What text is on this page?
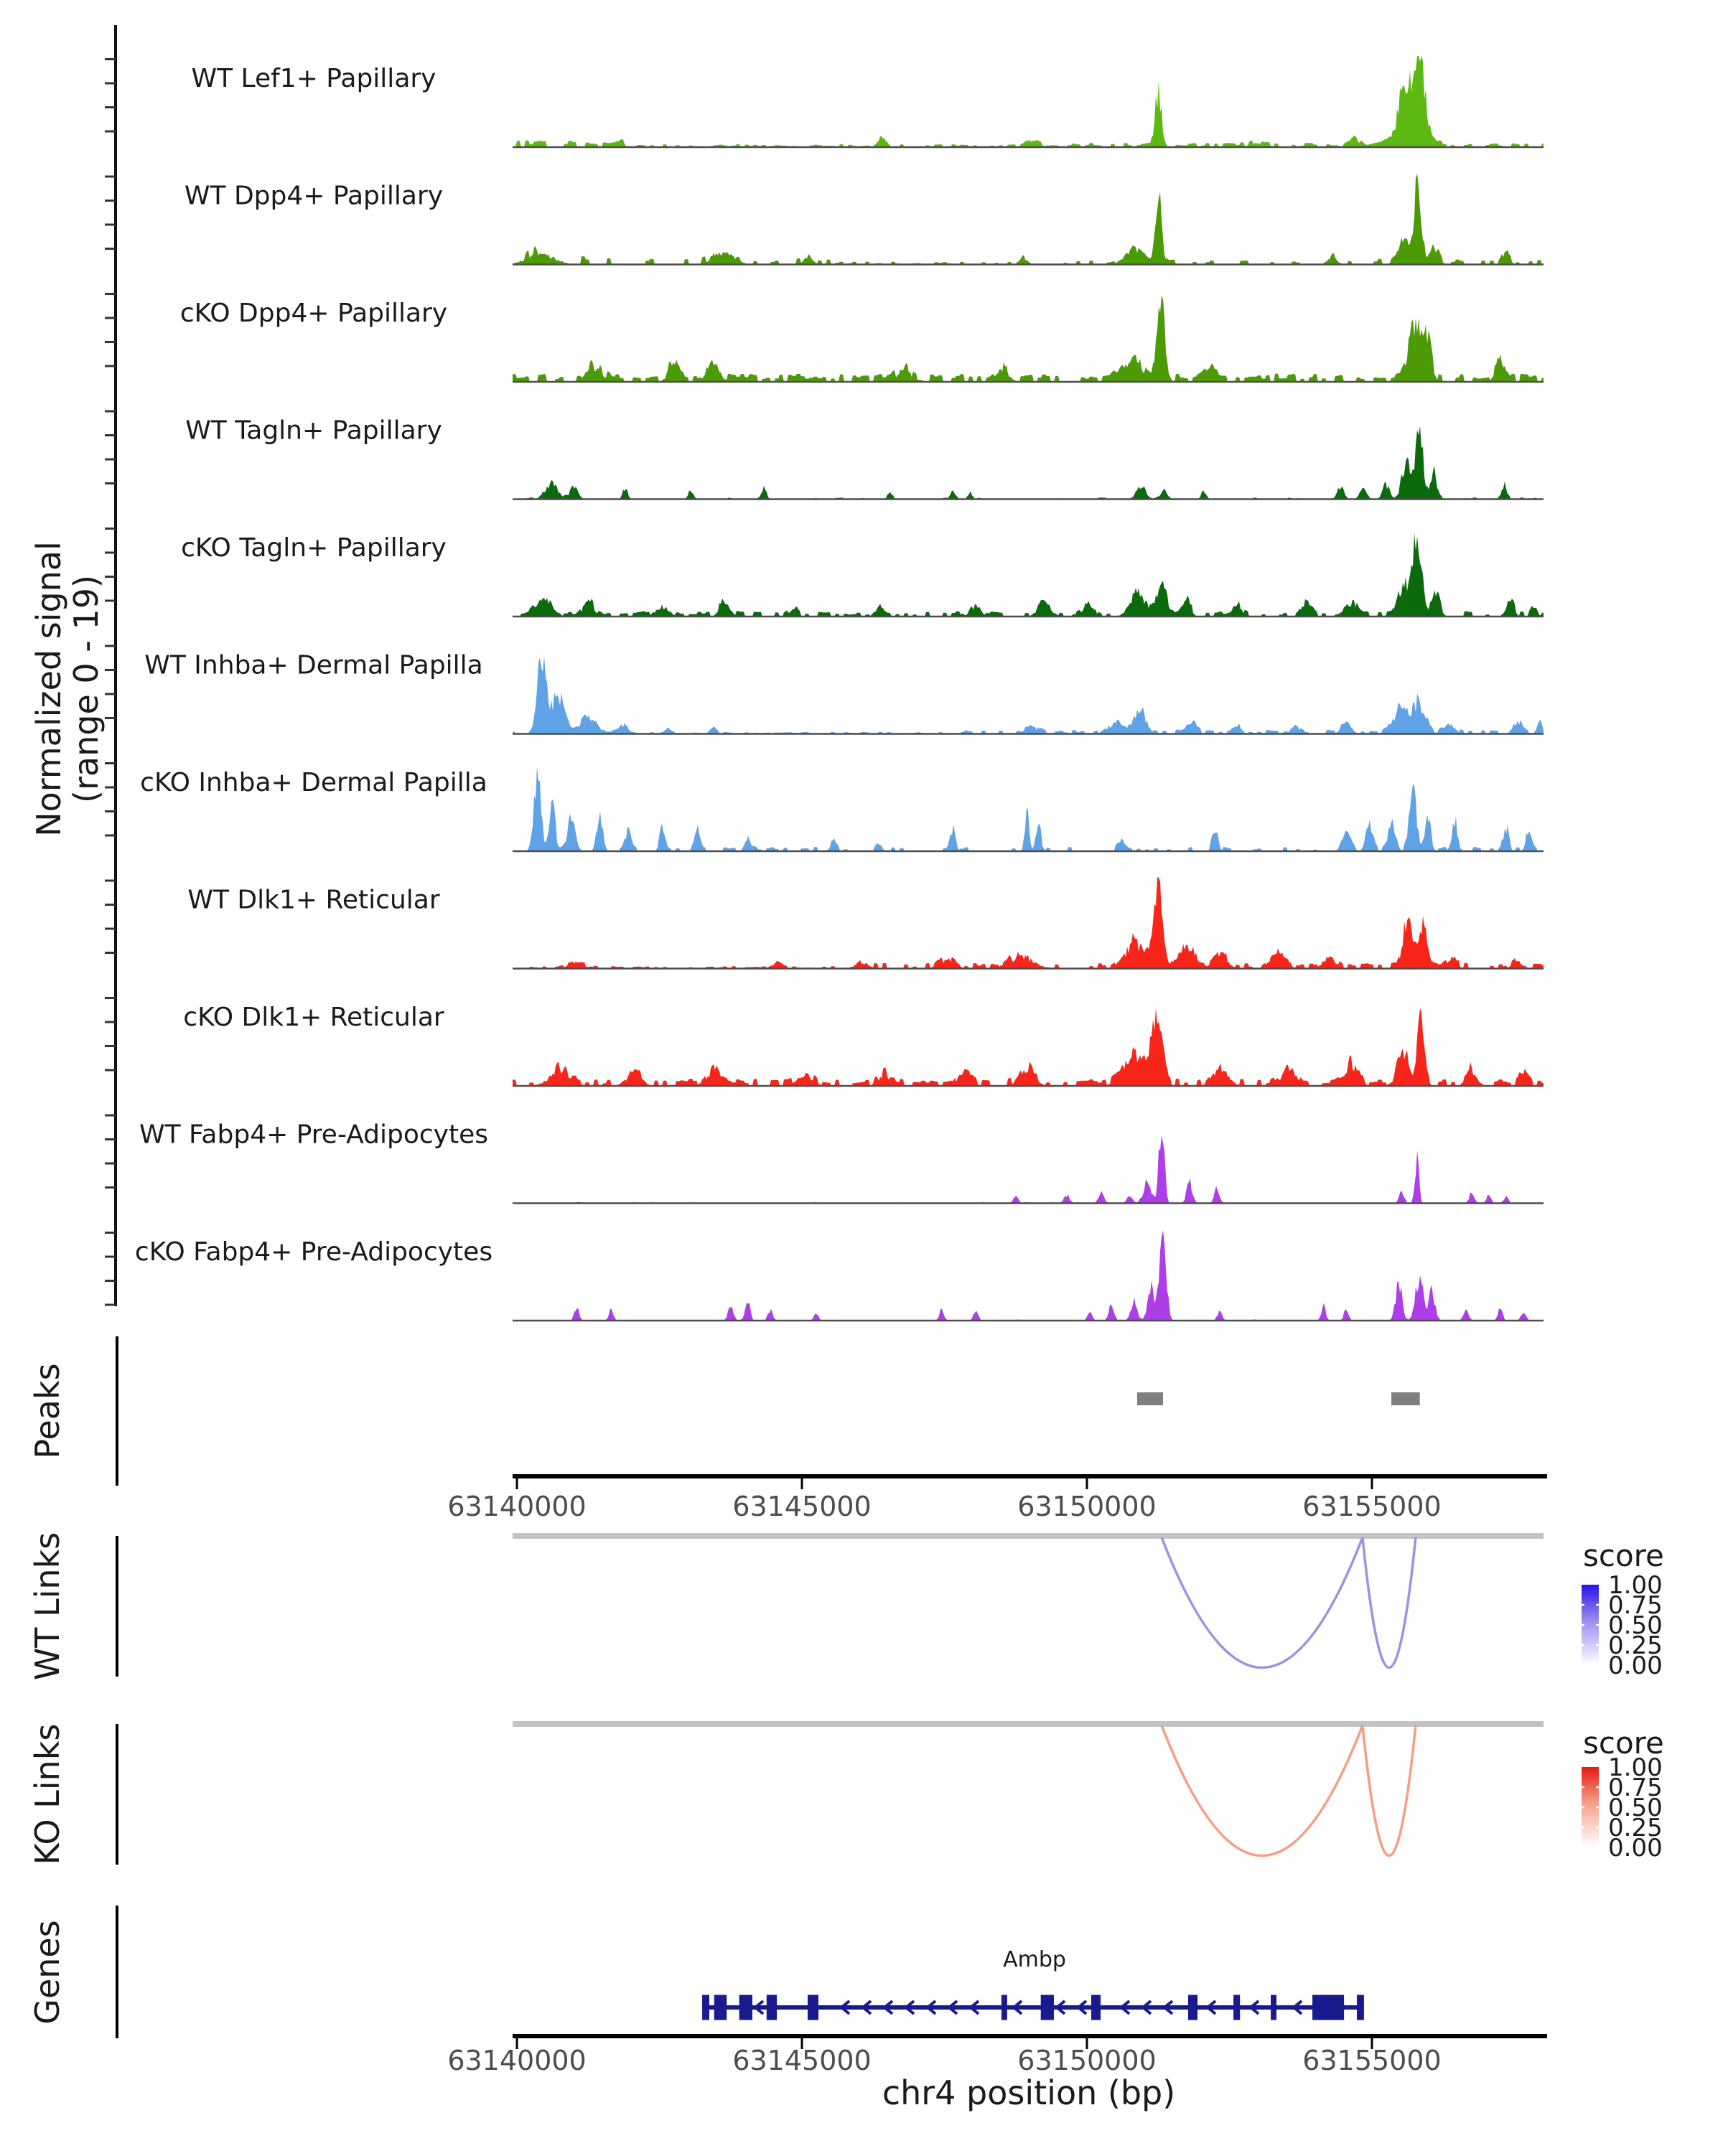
WT Lef1+ Papillary
WT Dpp4+ Papillary
cKO Dpp4+ Papillary
WT Tagln+ Papillary
cKO Tagln+ Papillary
WT Inhba+ Dermal Papilla
cKO Inhba+ Dermal Papilla
WT Dlk1+ Reticular
cKO Dlk1+ Reticular
WT Fabp4+ Pre-Adipocytes
cKO Fabp4+ Pre-Adipocytes
63140000	63145000	63150000	63155000
63140000	63145000	63150000	63155000
1.00
0.75
0.50
0.25
0.00
1.00
0.75
0.50
0.25
0.00
Normalized signal
(range 0 - 19)
Peaks
WT Links
KO Links
Genes
score
score
Ambp
chr4 position (bp)
